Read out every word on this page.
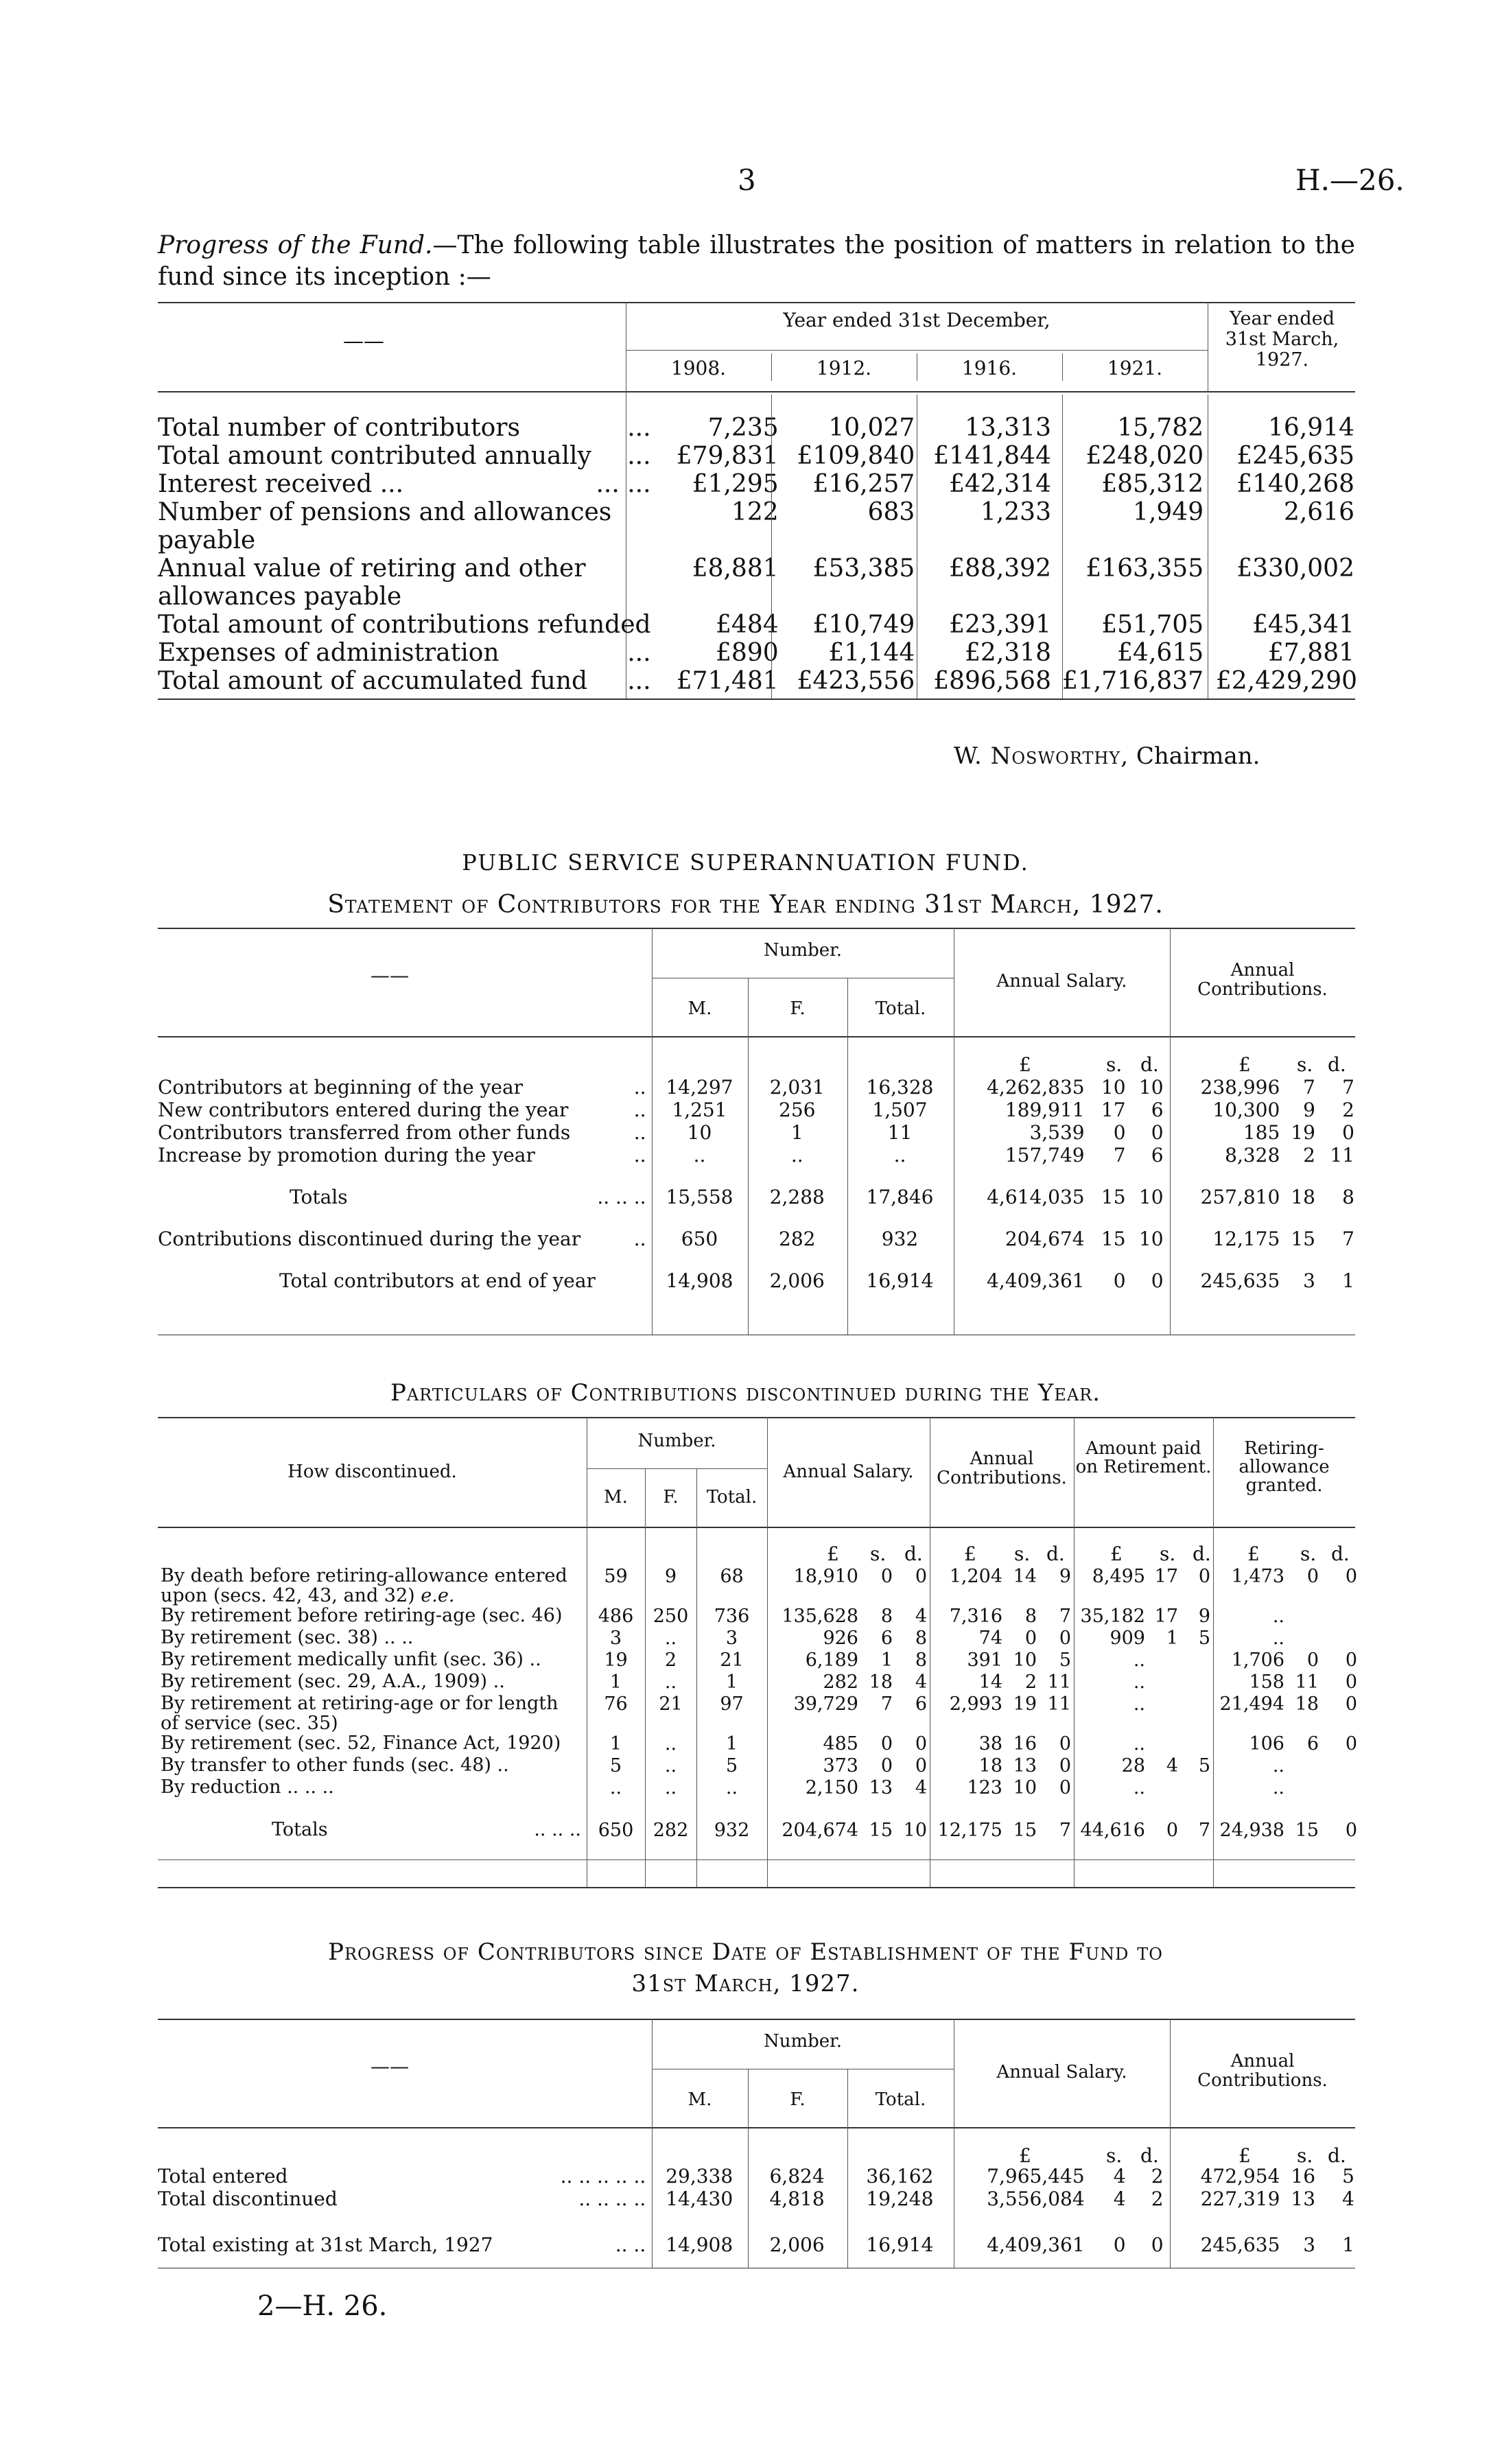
3	H.—26.
Progress of the Fund.—The following table illustrates the position of matters in relation to the fund since its inception :—
——
Year ended 31st December,	Year ended 31st March, 1927.
1908.	1912.	1916.	1921.
Total number of contributors ...	7,235	10,027	13,313	15,782	16,914
Total amount contributed annually ...	£79,831	£109,840	£141,844	£248,020	£245,635
Interest received ... ... ...	£1,295	£16,257	£42,314	£85,312	£140,268
Number of pensions and allowances payable	122	683	1,233	1,949	2,616
Annual value of retiring and other allowances payable	£8,881	£53,385	£88,392	£163,355	£330,002
Total amount of contributions refunded	£484	£10,749	£23,391	£51,705	£45,341
Expenses of administration ...	£890	£1,144	£2,318	£4,615	£7,881
Total amount of accumulated fund ...	£71,481	£423,556	£896,568	£1,716,837	£2,429,290
W. Nosworthy, Chairman.
PUBLIC SERVICE SUPERANNUATION FUND.
Statement of Contributors for the Year ending 31st March, 1927.
——
Number.
M.	F.	Total.
Annual Salary.
Annual Contributions.
£	s. d.	£ s. d.
Contributors at beginning of the year ..	14,297	2,031	16,328	4,262,835	10	10	238,996	7	7
New contributors entered during the year ..	1,251	256	1,507	189,911	17	6	10,300	9	2
Contributors transferred from other funds ..	10	1	11	3,539	0	0	185	19	0
Increase by promotion during the year ..	..	..	..	157,749	7	6	8,328	2	11

Totals .. .. ..	15,558	2,288	17,846	4,614,035	15	10	257,810	18	8

Contributions discontinued during the year ..	650	282	932	204,674	15	10	12,175	15	7

Total contributors at end of year	14,908	2,006	16,914	4,409,361	0	0	245,635	3	1
Particulars of Contributions discontinued during the Year.
How discontinued.
Number.
M.	F.	Total.
Annual Salary.
Annual Contributions.
Amount paid on Retirement.
Retiring-allowance granted.
£ s. d. £ s. d. £ s. d. £ s. d.
By death before retiring-allowance entered upon (secs. 42, 43, and 32) e.e.	59	9	68	18,910	0	0	1,204	14	9	8,495	17	0	1,473	0	0
By retirement before retiring-age (sec. 46)	486	250	736	135,628	8	4	7,316	8	7	35,182	17	9	..		
By retirement (sec. 38) .. ..	3	..	3	926	6	8	74	0	0	909	1	5	..		
By retirement medically unfit (sec. 36) ..	19	2	21	6,189	1	8	391	10	5	..			1,706	0	0
By retirement (sec. 29, A.A., 1909) ..	1	..	1	282	18	4	14	2	11	..			158	11	0
By retirement at retiring-age or for length of service (sec. 35)	76	21	97	39,729	7	6	2,993	19	11	..			21,494	18	0
By retirement (sec. 52, Finance Act, 1920)	1	..	1	485	0	0	38	16	0	..			106	6	0
By transfer to other funds (sec. 48) ..	5	..	5	373	0	0	18	13	0	28	4	5	..		
By reduction .. .. ..	..	..	..	2,150	13	4	123	10	0	..			..		

Totals .. .. ..	650	282	932	204,674	15	10	12,175	15	7	44,616	0	7	24,938	15	0
Progress of Contributors since Date of Establishment of the Fund to
31st March, 1927.
——
Number.
M.	F.	Total.
Annual Salary.
Annual Contributions.
£	s. d.	£ s. d.
Total entered .. .. .. .. ..	29,338	6,824	36,162	7,965,445	4	2	472,954	16	5
Total discontinued .. .. .. ..	14,430	4,818	19,248	3,556,084	4	2	227,319	13	4

Total existing at 31st March, 1927 .. ..	14,908	2,006	16,914	4,409,361	0	0	245,635	3	1
2—H. 26.
